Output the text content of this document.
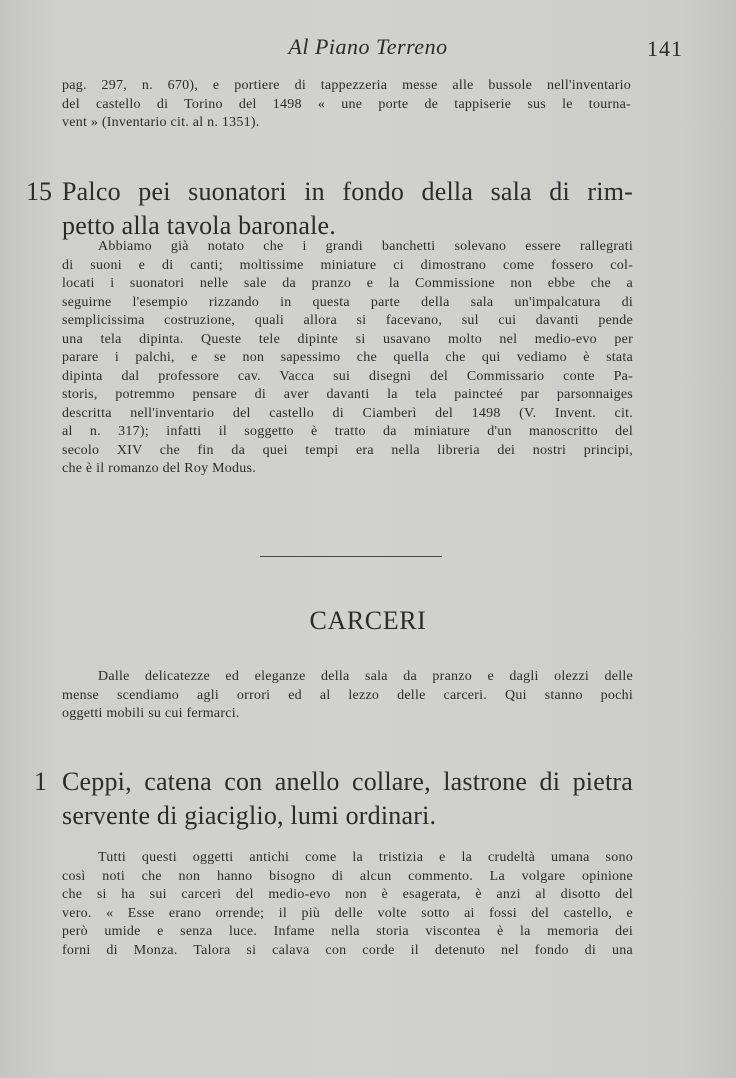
Al Piano Terreno	141

pag. 297, n. 670), e portiere di tappezzeria messe alle bussole nell'inventario
del castello di Torino del 1498 « une porte de tappiserie sus le tourna-
vent » (Inventario cit. al n. 1351).

15 Palco pei suonatori in fondo della sala di rim-
petto alla tavola baronale.
Abbiamo già notato che i grandi banchetti solevano essere rallegrati
di suoni e di canti; moltissime miniature ci dimostrano come fossero col-
locati i suonatori nelle sale da pranzo e la Commissione non ebbe che a
seguirne l'esempio rizzando in questa parte della sala un'impalcatura di
semplicissima costruzione, quali allora si facevano, sul cui davanti pende
una tela dipinta. Queste tele dipinte si usavano molto nel medio-evo per
parare i palchi, e se non sapessimo che quella che qui vediamo è stata
dipinta dal professore cav. Vacca sui disegni del Commissario conte Pa-
storis, potremmo pensare di aver davanti la tela paincteé par parsonnaiges
descritta nell'inventario del castello di Ciamberì del 1498 (V. Invent. cit.
al n. 317); infatti il soggetto è tratto da miniature d'un manoscritto del
secolo XIV che fin da quei tempi era nella libreria dei nostri principi,
che è il romanzo del Roy Modus.

CARCERI

Dalle delicatezze ed eleganze della sala da pranzo e dagli olezzi delle
mense scendiamo agli orrori ed al lezzo delle carceri. Qui stanno pochi
oggetti mobili su cui fermarci.

1 Ceppi, catena con anello collare, lastrone di pietra
servente di giaciglio, lumi ordinari.
Tutti questi oggetti antichi come la tristizia e la crudeltà umana sono
così noti che non hanno bisogno di alcun commento. La volgare opinione
che si ha sui carceri del medio-evo non è esagerata, è anzi al disotto del
vero. « Esse erano orrende; il più delle volte sotto ai fossi del castello, e
però umide e senza luce. Infame nella storia viscontea è la memoria dei
forni di Monza. Talora si calava con corde il detenuto nel fondo di una
